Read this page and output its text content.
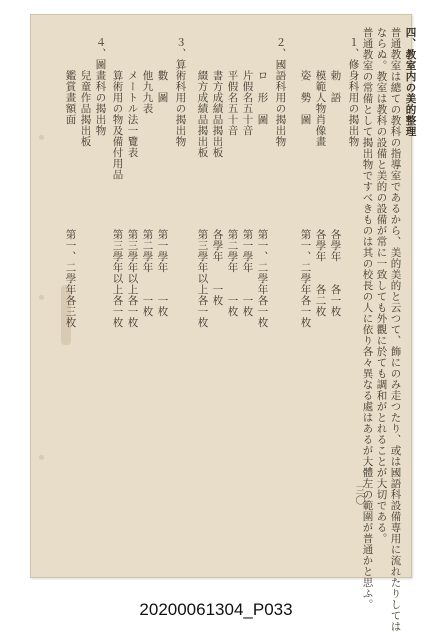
四、教室内の美的整理
普通教室は總ての教科の指導室であるから、美的美的と云つて、飾にのみ走つたり、或は國語科設備専用に流れたりしては
ならぬ。教室は教科の設備と美的の設備が常に一致しても外觀に於ても調和がとれることが大切である。
普通教室の常備として揭出物ですべきものは其の校長の人に依り各々異なる處はあるが大體左の範圍が普通かと思ふ。
１、修身科用の揭出物
勅　語
各學年　　各一枚
模範人物肖像畫
各學年　　各二枚
姿　勢　圖
第一、二學年各一枚
２、國語科用の揭出物
ロ　形　圖
第一、二學年各一枚
片假名五十音
第一學年　　一枚
平假名五十音
第二學年　　一枚
書方成績品揭出板
各學年　　一枚
綴方成績品揭出板
第三學年以上各一枚
３、算術科用の揭出物
數　圖
第一學年　　一枚
他九九表
第二學年　　一枚
メートル法一覽表
第三學年以上各一枚
算術用の物及備付用品
第三學年以上各一枚
４、圖畫科の揭出物
兒童作品揭出板
鑑賞畫額面
第一、二學年各三枚
三〇
20200061304_P033
